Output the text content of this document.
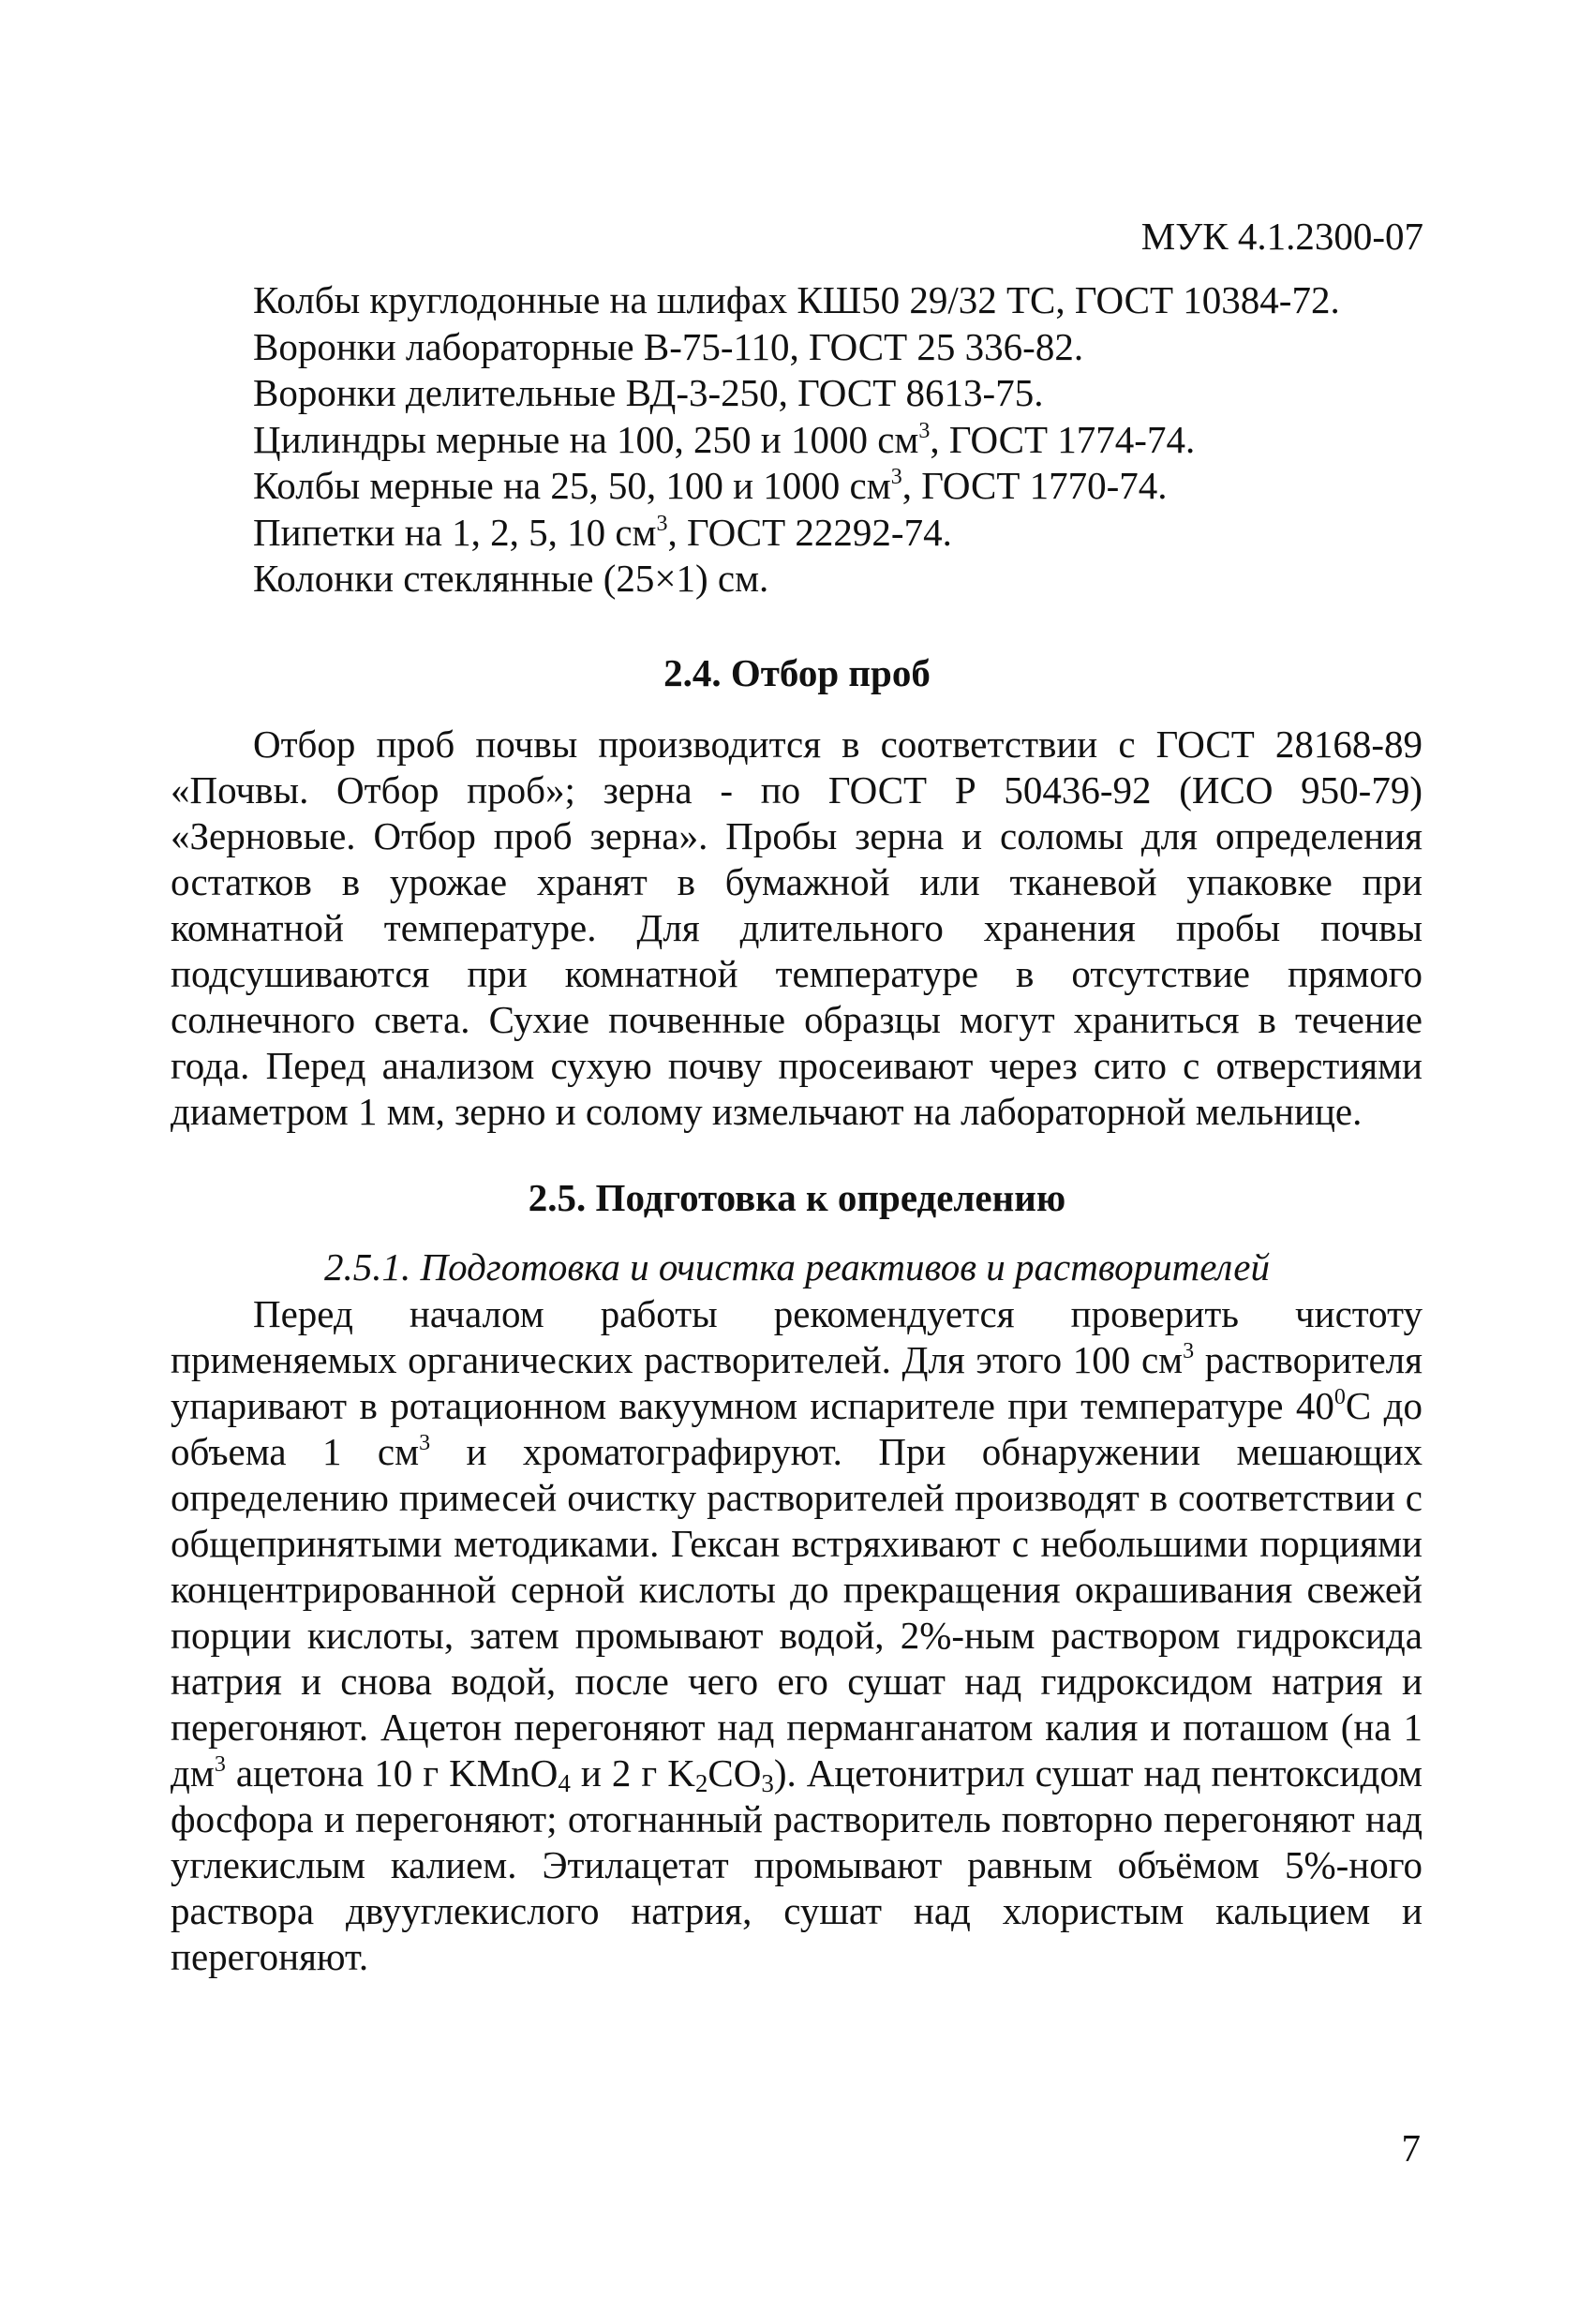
МУК 4.1.2300-07
Колбы круглодонные на шлифах КШ50 29/32 ТС, ГОСТ 10384-72.
Воронки лабораторные В-75-110, ГОСТ 25 336-82.
Воронки делительные ВД-3-250, ГОСТ 8613-75.
Цилиндры мерные на 100, 250 и 1000 $см^3$, ГОСТ 1774-74.
Колбы мерные на 25, 50, 100 и 1000 $см^3$, ГОСТ 1770-74.
Пипетки на 1, 2, 5, 10 $см^3$, ГОСТ 22292-74.
Колонки стеклянные (25×1) см.
2.4. Отбор проб

Отбор проб почвы производится в соответствии с ГОСТ 28168-89 «Почвы. Отбор проб»; зерна - по ГОСТ Р 50436-92 (ИСО 950-79) «Зерновые. Отбор проб зерна». Пробы зерна и соломы для определения остатков в урожае хранят в бумажной или тканевой упаковке при комнатной температуре. Для длительного хранения пробы почвы подсушиваются при комнатной температуре в отсутствие прямого солнечного света. Сухие почвенные образцы могут храниться в течение года. Перед анализом сухую почву просеивают через сито с отверстиями диаметром 1 мм, зерно и солому измельчают на лабораторной мельнице.

2.5. Подготовка к определению
2.5.1. Подготовка и очистка реактивов и растворителей

Перед началом работы рекомендуется проверить чистоту применяемых органических растворителей. Для этого 100 $см^3$ растворителя упаривают в ротационном вакуумном испарителе при температуре $40^0С$ до объема 1 $см^3$ и хроматографируют. При обнаружении мешающих определению примесей очистку растворителей производят в соответствии с общепринятыми методиками. Гексан встряхивают с небольшими порциями концентрированной серной кислоты до прекращения окрашивания свежей порции кислоты, затем промывают водой, 2%-ным раствором гидроксида натрия и снова водой, после чего его сушат над гидроксидом натрия и перегоняют. Ацетон перегоняют над перманганатом калия и поташом (на 1 $дм^3$ ацетона 10 г KMnO$_4$ и 2 г $K_2CO_3$). Ацетонитрил сушат над пентоксидом фосфора и перегоняют; отогнанный растворитель повторно перегоняют над углекислым калием. Этилацетат промывают равным объёмом 5%-ного раствора двууглекислого натрия, сушат над хлористым кальцием и перегоняют.

7
